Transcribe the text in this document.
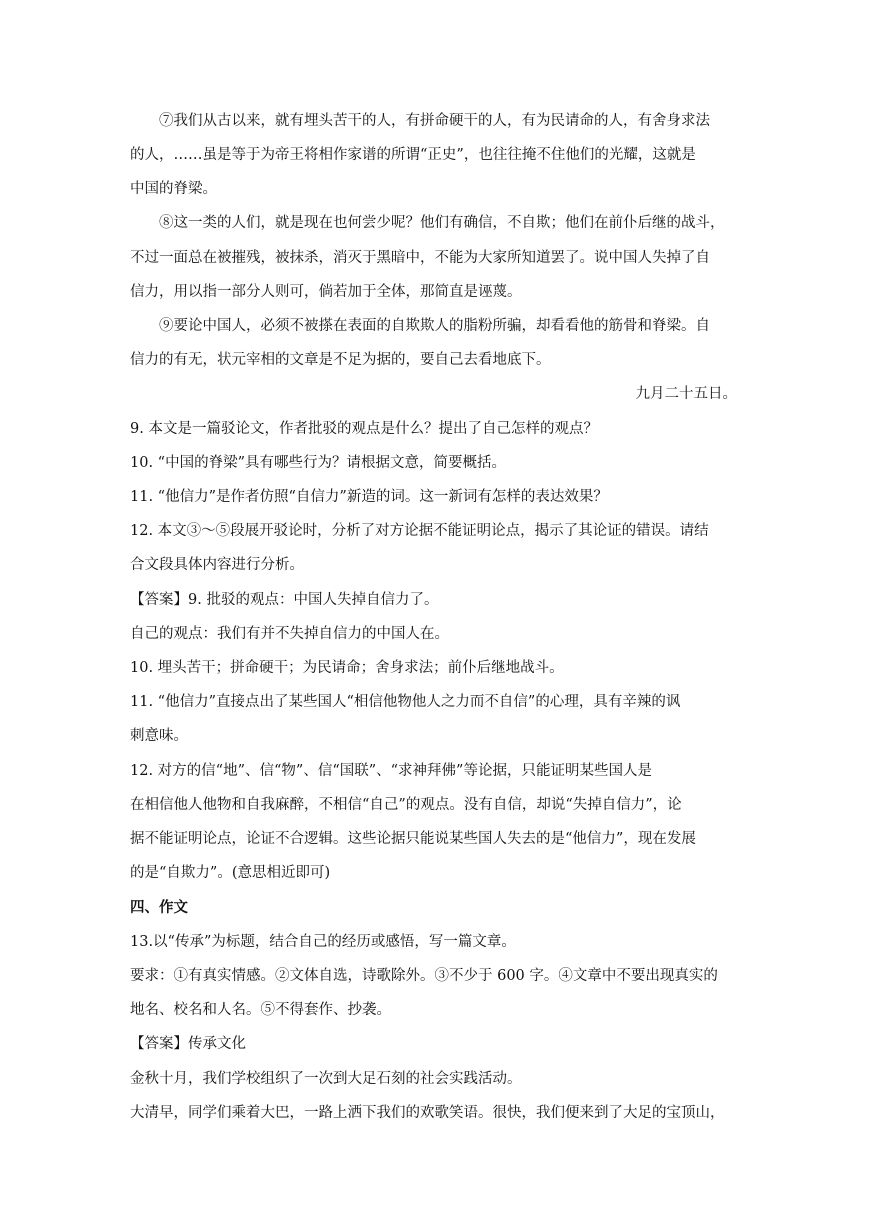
⑦我们从古以来，就有埋头苦干的人，有拼命硬干的人，有为民请命的人，有舍身求法
的人，……虽是等于为帝王将相作家谱的所谓“正史”，也往往掩不住他们的光耀，这就是
中国的脊梁。
⑧这一类的人们，就是现在也何尝少呢？他们有确信，不自欺；他们在前仆后继的战斗，
不过一面总在被摧残，被抹杀，消灭于黑暗中，不能为大家所知道罢了。说中国人失掉了自
信力，用以指一部分人则可，倘若加于全体，那简直是诬蔑。
⑨要论中国人，必须不被搽在表面的自欺欺人的脂粉所骗，却看看他的筋骨和脊梁。自
信力的有无，状元宰相的文章是不足为据的，要自己去看地底下。
九月二十五日。
9. 本文是一篇驳论文，作者批驳的观点是什么？提出了自己怎样的观点？
10. “中国的脊梁”具有哪些行为？请根据文意，简要概括。
11. “他信力”是作者仿照“自信力”新造的词。这一新词有怎样的表达效果？
12. 本文③～⑤段展开驳论时，分析了对方论据不能证明论点，揭示了其论证的错误。请结
合文段具体内容进行分析。
【答案】9. 批驳的观点：中国人失掉自信力了。
自己的观点：我们有并不失掉自信力的中国人在。
10. 埋头苦干；拼命硬干；为民请命；舍身求法；前仆后继地战斗。
11. “他信力”直接点出了某些国人“相信他物他人之力而不自信”的心理，具有辛辣的讽
刺意味。
12. 对方的信“地”、信“物”、信“国联”、“求神拜佛”等论据，只能证明某些国人是
在相信他人他物和自我麻醉，不相信“自己”的观点。没有自信，却说“失掉自信力”，论
据不能证明论点，论证不合逻辑。这些论据只能说某些国人失去的是“他信力”，现在发展
的是“自欺力”。(意思相近即可)
四、作文
13.以“传承”为标题，结合自己的经历或感悟，写一篇文章。
要求：①有真实情感。②文体自选，诗歌除外。③不少于 600 字。④文章中不要出现真实的
地名、校名和人名。⑤不得套作、抄袭。
【答案】传承文化
金秋十月，我们学校组织了一次到大足石刻的社会实践活动。
大清早，同学们乘着大巴，一路上洒下我们的欢歌笑语。很快，我们便来到了大足的宝顶山，
